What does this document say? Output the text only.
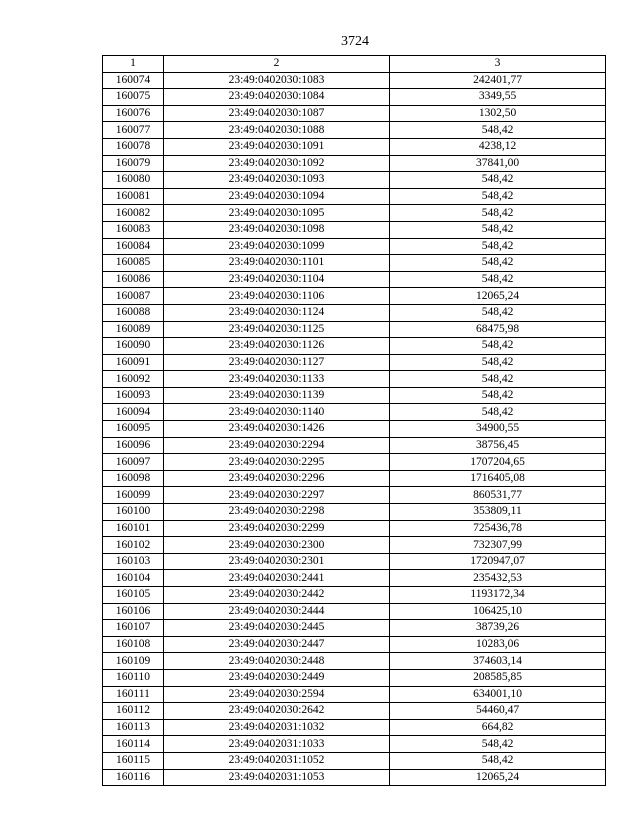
3724
1	2	3
160074	23:49:0402030:1083	242401,77
160075	23:49:0402030:1084	3349,55
160076	23:49:0402030:1087	1302,50
160077	23:49:0402030:1088	548,42
160078	23:49:0402030:1091	4238,12
160079	23:49:0402030:1092	37841,00
160080	23:49:0402030:1093	548,42
160081	23:49:0402030:1094	548,42
160082	23:49:0402030:1095	548,42
160083	23:49:0402030:1098	548,42
160084	23:49:0402030:1099	548,42
160085	23:49:0402030:1101	548,42
160086	23:49:0402030:1104	548,42
160087	23:49:0402030:1106	12065,24
160088	23:49:0402030:1124	548,42
160089	23:49:0402030:1125	68475,98
160090	23:49:0402030:1126	548,42
160091	23:49:0402030:1127	548,42
160092	23:49:0402030:1133	548,42
160093	23:49:0402030:1139	548,42
160094	23:49:0402030:1140	548,42
160095	23:49:0402030:1426	34900,55
160096	23:49:0402030:2294	38756,45
160097	23:49:0402030:2295	1707204,65
160098	23:49:0402030:2296	1716405,08
160099	23:49:0402030:2297	860531,77
160100	23:49:0402030:2298	353809,11
160101	23:49:0402030:2299	725436,78
160102	23:49:0402030:2300	732307,99
160103	23:49:0402030:2301	1720947,07
160104	23:49:0402030:2441	235432,53
160105	23:49:0402030:2442	1193172,34
160106	23:49:0402030:2444	106425,10
160107	23:49:0402030:2445	38739,26
160108	23:49:0402030:2447	10283,06
160109	23:49:0402030:2448	374603,14
160110	23:49:0402030:2449	208585,85
160111	23:49:0402030:2594	634001,10
160112	23:49:0402030:2642	54460,47
160113	23:49:0402031:1032	664,82
160114	23:49:0402031:1033	548,42
160115	23:49:0402031:1052	548,42
160116	23:49:0402031:1053	12065,24
